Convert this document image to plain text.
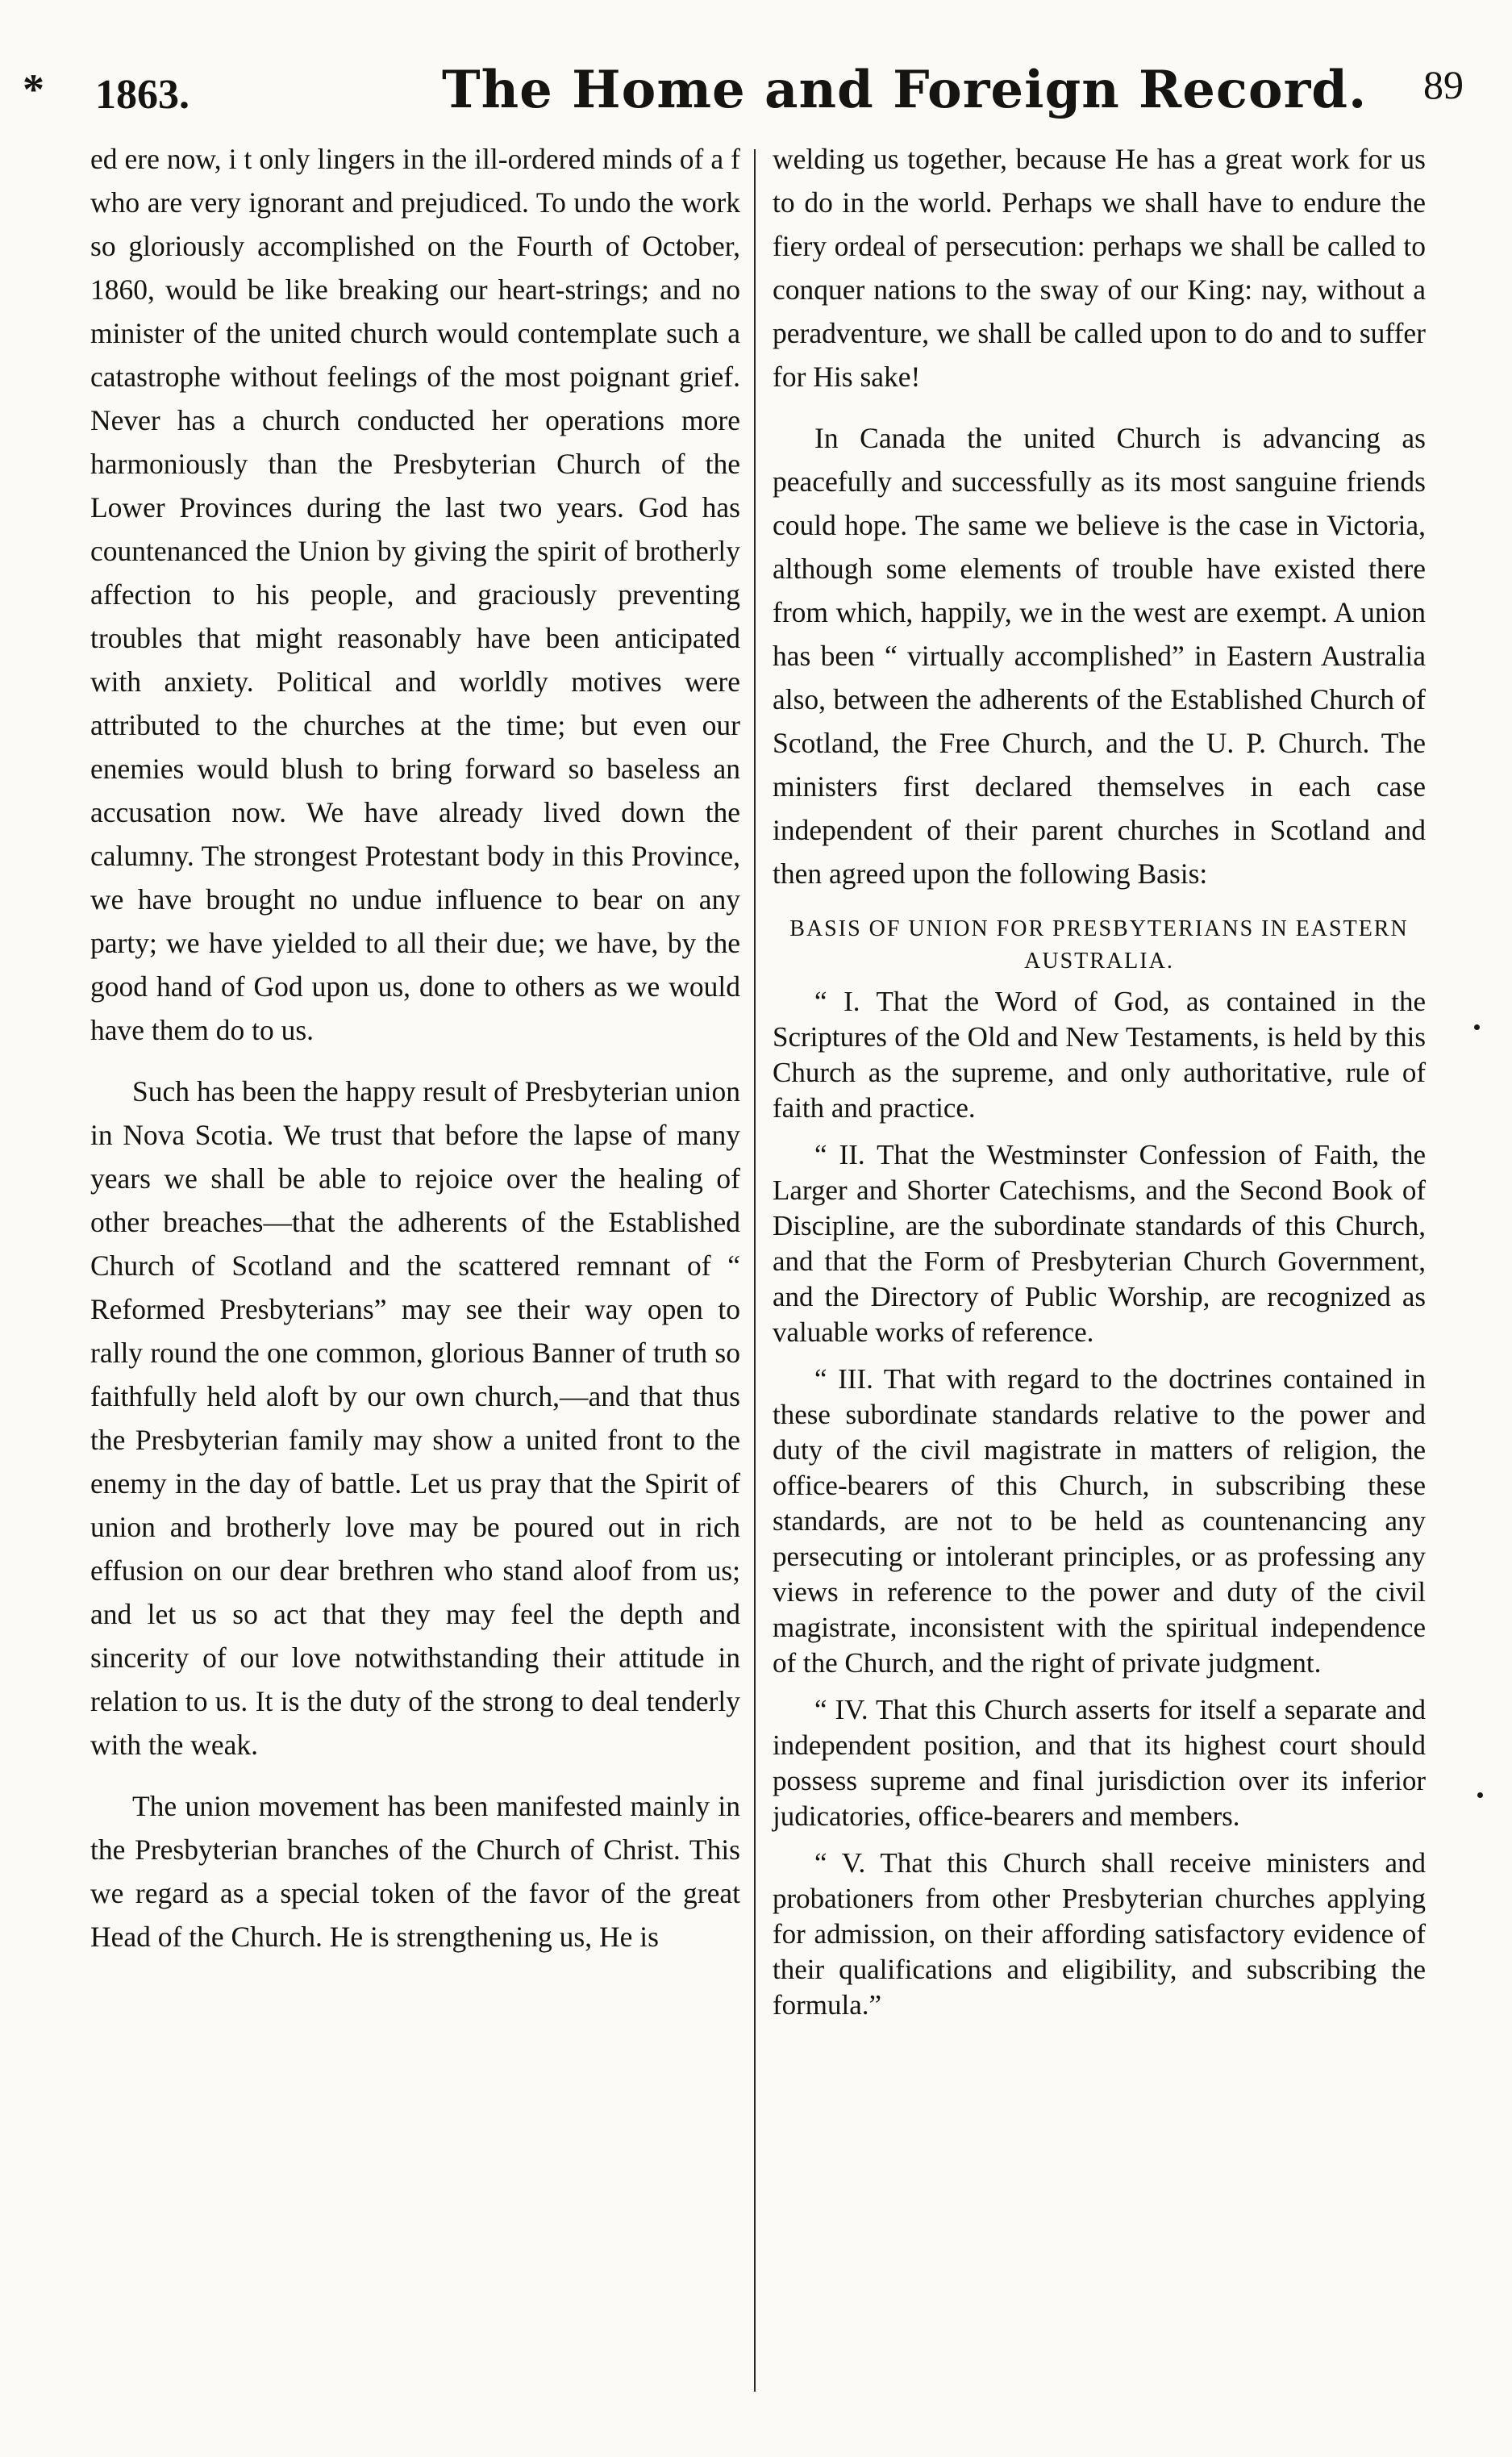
* 1863.	The Home and Foreign Record. 89

ed ere now, i t only lingers in the ill-ordered minds of a f who are very ignorant and prejudiced. To undo the work so gloriously accomplished on the Fourth of October, 1860, would be like breaking our heart-strings; and no minister of the united church would contemplate such a catastrophe without feelings of the most poignant grief. Never has a church conducted her operations more harmoniously than the Presbyterian Church of the Lower Provinces during the last two years. God has countenanced the Union by giving the spirit of brotherly affection to his people, and graciously preventing troubles that might reasonably have been anticipated with anxiety. Political and worldly motives were attributed to the churches at the time; but even our enemies would blush to bring forward so baseless an accusation now. We have already lived down the calumny. The strongest Protestant body in this Province, we have brought no undue influence to bear on any party; we have yielded to all their due; we have, by the good hand of God upon us, done to others as we would have them do to us.

Such has been the happy result of Presbyterian union in Nova Scotia. We trust that before the lapse of many years we shall be able to rejoice over the healing of other breaches—that the adherents of the Established Church of Scotland and the scattered remnant of “ Reformed Presbyterians” may see their way open to rally round the one common, glorious Banner of truth so faithfully held aloft by our own church,—and that thus the Presbyterian family may show a united front to the enemy in the day of battle. Let us pray that the Spirit of union and brotherly love may be poured out in rich effusion on our dear brethren who stand aloof from us; and let us so act that they may feel the depth and sincerity of our love notwithstanding their attitude in relation to us. It is the duty of the strong to deal tenderly with the weak.

The union movement has been manifested mainly in the Presbyterian branches of the Church of Christ. This we regard as a special token of the favor of the great Head of the Church. He is strengthening us, He is

welding us together, because He has a great work for us to do in the world. Perhaps we shall have to endure the fiery ordeal of persecution: perhaps we shall be called to conquer nations to the sway of our King: nay, without a peradventure, we shall be called upon to do and to suffer for His sake!

In Canada the united Church is advancing as peacefully and successfully as its most sanguine friends could hope. The same we believe is the case in Victoria, although some elements of trouble have existed there from which, happily, we in the west are exempt. A union has been “ virtually accomplished” in Eastern Australia also, between the adherents of the Established Church of Scotland, the Free Church, and the U. P. Church. The ministers first declared themselves in each case independent of their parent churches in Scotland and then agreed upon the following Basis:

BASIS OF UNION FOR PRESBYTERIANS IN EASTERN AUSTRALIA.

“ I. That the Word of God, as contained in the Scriptures of the Old and New Testaments, is held by this Church as the supreme, and only authoritative, rule of faith and practice.

“ II. That the Westminster Confession of Faith, the Larger and Shorter Catechisms, and the Second Book of Discipline, are the subordinate standards of this Church, and that the Form of Presbyterian Church Government, and the Directory of Public Worship, are recognized as valuable works of reference.

“ III. That with regard to the doctrines contained in these subordinate standards relative to the power and duty of the civil magistrate in matters of religion, the office-bearers of this Church, in subscribing these standards, are not to be held as countenancing any persecuting or intolerant principles, or as professing any views in reference to the power and duty of the civil magistrate, inconsistent with the spiritual independence of the Church, and the right of private judgment.

“ IV. That this Church asserts for itself a separate and independent position, and that its highest court should possess supreme and final jurisdiction over its inferior judicatories, office-bearers and members.

“ V. That this Church shall receive ministers and probationers from other Presbyterian churches applying for admission, on their affording satisfactory evidence of their qualifications and eligibility, and subscribing the formula.”
